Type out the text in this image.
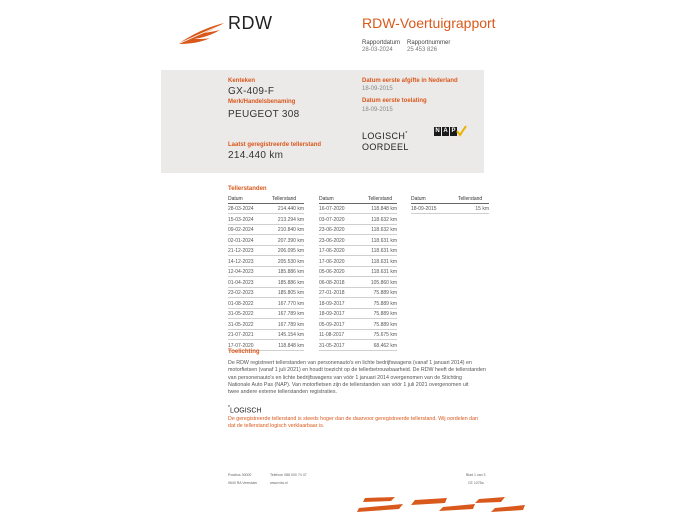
RDW	RDW-Voertuigrapport
Rapportdatum
28-03-2024
Rapportnummer
25 453 826
Kenteken
GX-409-F
Merk/Handelsbenaming
PEUGEOT 308
Laatst geregistreerde tellerstand
214.440 km
Datum eerste afgifte in Nederland
18-09-2015
Datum eerste toelating
18-09-2015
LOGISCH*
OORDEEL
N A P
Tellerstanden
Datum	Tellerstand	Datum	Tellerstand	Datum	Tellerstand
28-03-2024	214.440 km
15-03-2024	213.294 km
09-02-2024	210.840 km
02-01-2024	207.390 km
21-12-2023	206.095 km
14-12-2023	205.530 km
12-04-2023	185.886 km
01-04-2023	185.886 km
23-02-2023	185.805 km
01-08-2022	167.770 km
31-05-2022	167.789 km
31-05-2022	167.789 km
21-07-2021	145.154 km
17-07-2020	118.848 km
16-07-2020	118.848 km
03-07-2020	118.632 km
23-06-2020	118.632 km
23-06-2020	118.631 km
17-06-2020	118.631 km
17-06-2020	118.631 km
05-06-2020	118.631 km
06-08-2018	105.860 km
27-01-2018	75.889 km
18-09-2017	75.889 km
18-09-2017	75.889 km
05-09-2017	75.889 km
11-08-2017	75.675 km
31-05-2017	68.462 km
18-09-2015	15 km
Toelichting
De RDW registreert tellerstanden van personenauto's en lichte bedrijfswagens (vanaf 1 januari 2014) en
motorfietsen (vanaf 1 juli 2021) en houdt toezicht op de tellerbetrouwbaarheid. De RDW heeft de tellerstanden
van personenauto's en lichte bedrijfswagens van vóór 1 januari 2014 overgenomen van de Stichting
Nationale Auto Pas (NAP). Van motorfietsen zijn de tellerstanden van vóór 1 juli 2021 overgenomen uit
twee andere externe tellerstanden registraties.
*LOGISCH
De geregistreerde tellerstand is steeds hoger dan de daarvoor geregistreerde tellerstand. Wij oordelen dan
dat de tellerstand logisch verklaarbaar is.
Postbus 30000
9640 RA Veendam
Telefoon 088 000 74 47
www.rdw.nl
Blad 1 van 3
CE 1075a
